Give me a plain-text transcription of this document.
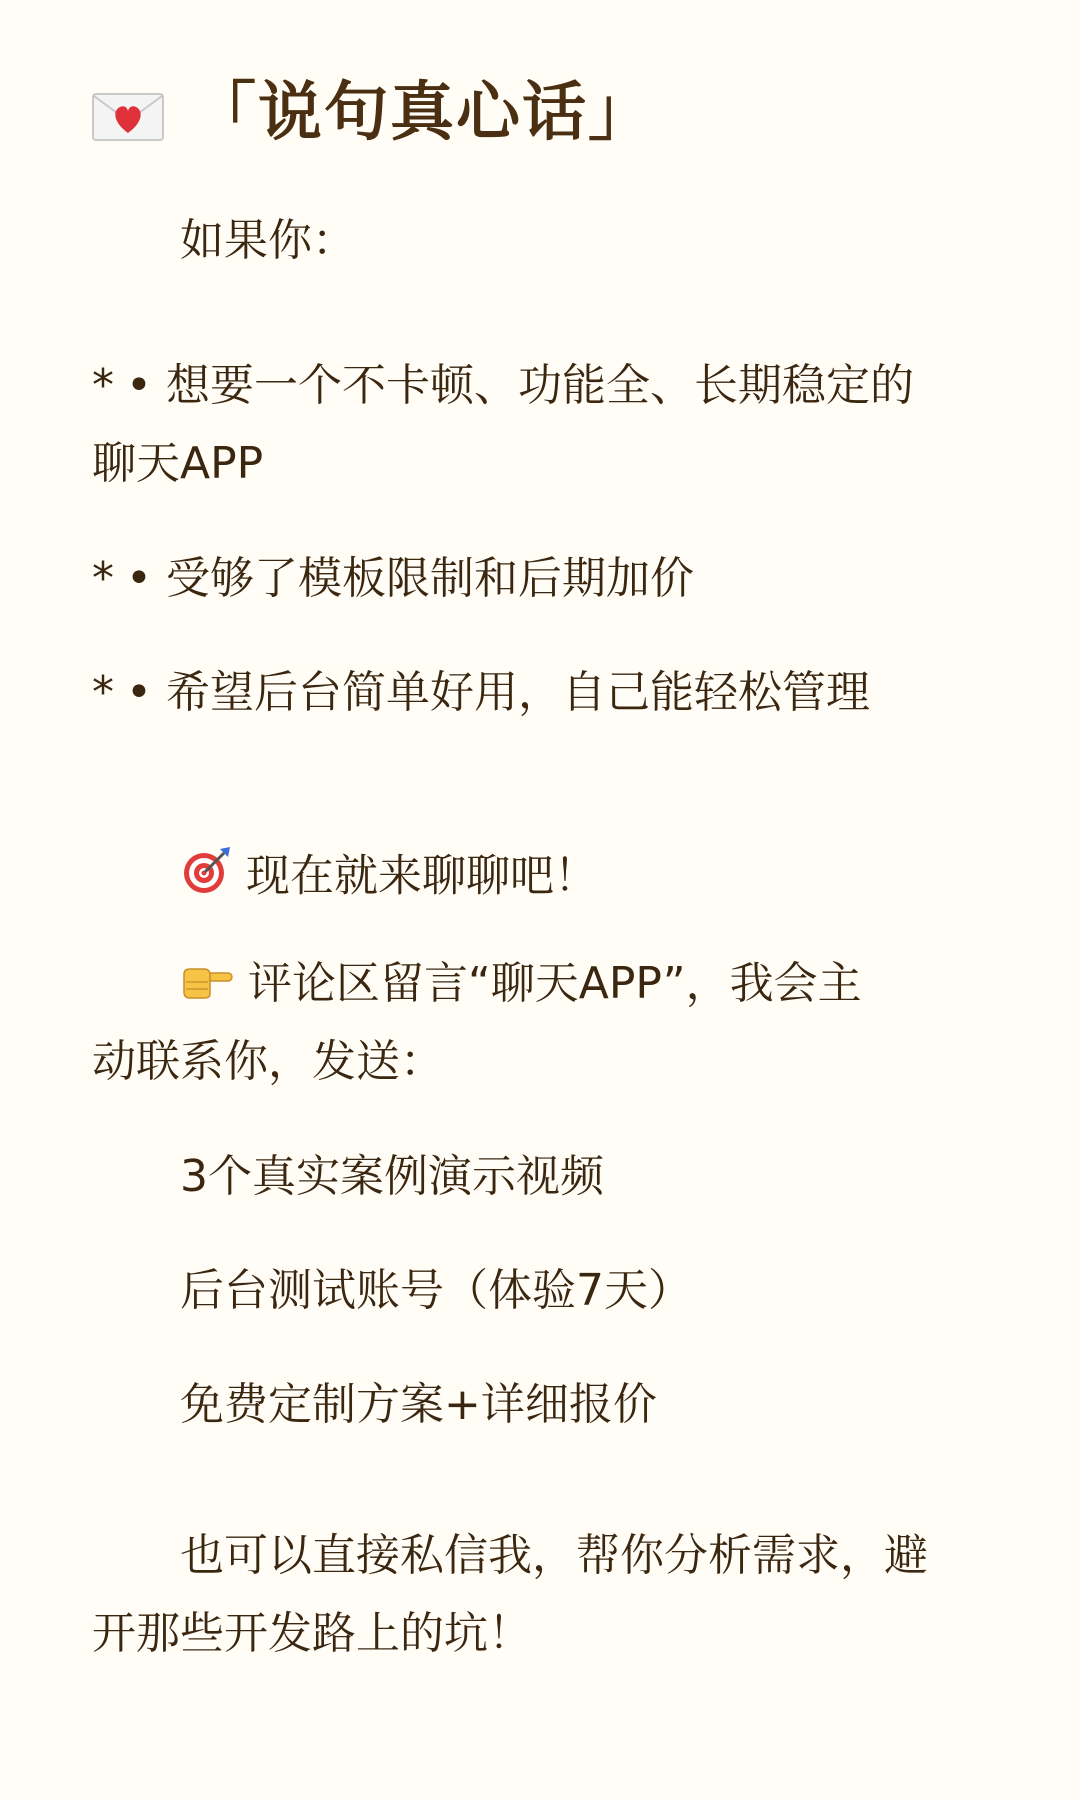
「说句真心话」
如果你：
* • 想要一个不卡顿、功能全、长期稳定的
聊天APP
* • 受够了模板限制和后期加价
* • 希望后台简单好用，自己能轻松管理
现在就来聊聊吧！
评论区留言“聊天APP”，我会主
动联系你，发送：
3个真实案例演示视频
后台测试账号（体验7天）
免费定制方案+详细报价
也可以直接私信我，帮你分析需求，避
开那些开发路上的坑！
